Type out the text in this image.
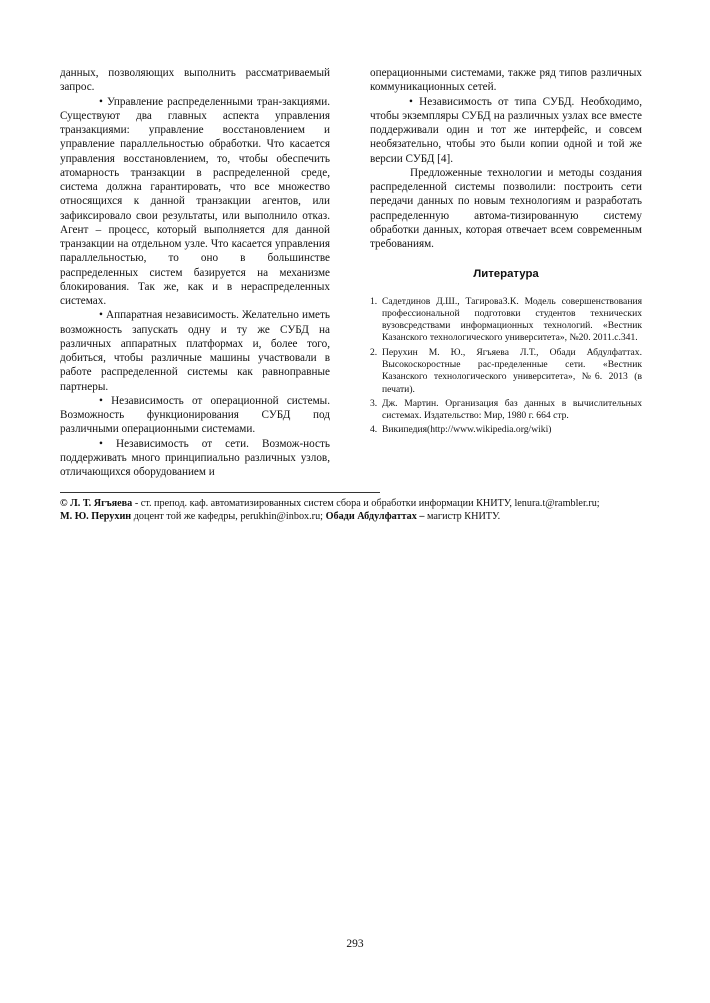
данных, позволяющих выполнить рассматриваемый запрос.

• Управление распределенными тран-закциями. Существуют два главных аспекта управления транзакциями: управление восстановлением и управление параллельностью обработки. Что касается управления восстановлением, то, чтобы обеспечить атомарность транзакции в распределенной среде, система должна гарантировать, что все множество относящихся к данной транзакции агентов, или зафиксировало свои результаты, или выполнило отказ. Агент – процесс, который выполняется для данной транзакции на отдельном узле. Что касается управления параллельностью, то оно в большинстве распределенных систем базируется на механизме блокирования. Так же, как и в нераспределенных системах.

• Аппаратная независимость. Желательно иметь возможность запускать одну и ту же СУБД на различных аппаратных платформах и, более того, добиться, чтобы различные машины участвовали в работе распределенной системы как равноправные партнеры.

• Независимость от операционной системы. Возможность функционирования СУБД под различными операционными системами.

• Независимость от сети. Возмож-ность поддерживать много принципиально различных узлов, отличающихся оборудованием и

операционными системами, также ряд типов различных коммуникационных сетей.

• Независимость от типа СУБД. Необходимо, чтобы экземпляры СУБД на различных узлах все вместе поддерживали один и тот же интерфейс, и совсем необязательно, чтобы это были копии одной и той же версии СУБД [4].

Предложенные технологии и методы создания распределенной системы позволили: построить сети передачи данных по новым технологиям и разработать распределенную автома-тизированную систему обработки данных, которая отвечает всем современным требованиям.

Литература
1. Садетдинов Д.Ш., ТагироваЗ.К. Модель совершенствования профессиональной подготовки студентов технических вузовсредствами информационных технологий. «Вестник Казанского технологического университета», №20. 2011.с.341.
2. Перухин М. Ю., Ягъяева Л.Т., Обади Абдулфаттах. Высокоскоростные рас-пределенные сети. «Вестник Казанского технологического университета», №6. 2013 (в печати).
3. Дж. Мартин. Организация баз данных в вычислительных системах. Издательство: Мир, 1980 г. 664 стр.
4. Википедия(http://www.wikipedia.org/wiki)

© Л. Т. Ягъяева - ст. препод. каф. автоматизированных систем сбора и обработки информации КНИТУ, lenura.t@rambler.ru;

М. Ю. Перухин доцент той же кафедры, perukhin@inbox.ru; Обади Абдулфаттах – магистр КНИТУ.

293
